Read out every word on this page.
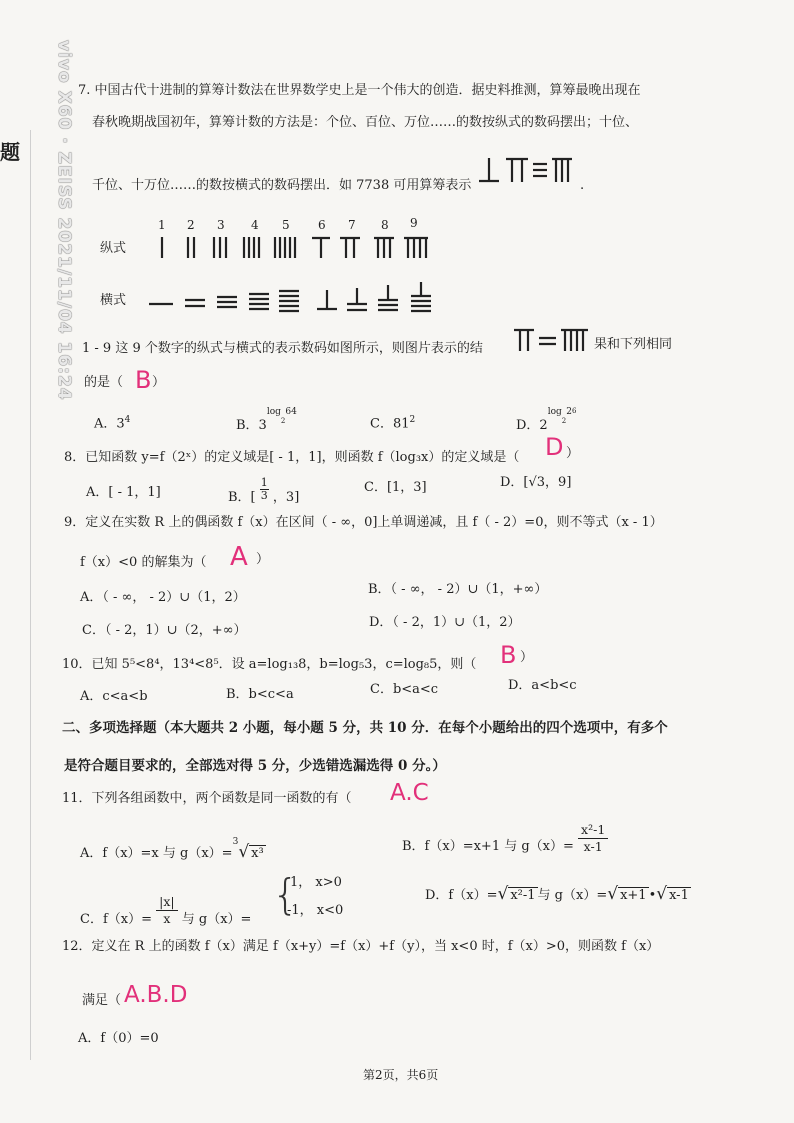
vivo X60 · ZEISS 2021/11/04 16:24
题
7. 中国古代十进制的算筹计数法在世界数学史上是一个伟大的创造．据史料推测，算筹最晚出现在
春秋晚期战国初年，算筹计数的方法是：个位、百位、万位……的数按纵式的数码摆出；十位、
千位、十万位……的数按横式的数码摆出．如 7738 可用算筹表示	.
1 2 3 4 5 6 7 8 9
纵式
横式
1 - 9 这 9 个数字的纵式与横式的表示数码如图所示，则图片表示的结	果和下列相同
的是（ B ）
A．$3^4$	B．$3^{log}_2^{64}$
C．$81^2$	D．$2^{log}_2^{26}$
8．已知函数 y=f（2ˣ）的定义域是[ - 1，1]，则函数 f（log₃x）的定义域是（ D ）
A．[ - 1，1]	B．[ $\frac{1}{3}$ ，3]
C．[1，3]	D．[√3，9]
9．定义在实数 R 上的偶函数 f（x）在区间（ - ∞，0]上单调递减，且 f（ - 2）=0，则不等式（x - 1）
f（x）<0 的解集为（ A ）
A．（ - ∞， - 2）∪（1，2）
B．（ - ∞， - 2）∪（1，+∞）
C．（ - 2，1）∪（2，+∞）
D．（ - 2，1）∪（1，2）
10．已知 5⁵<8⁴，13⁴<8⁵．设 a=log₁₃8，b=log₅3，c=log₈5，则（ B ）
A．c<a<b	B．b<c<a	C．b<a<c	D．a<b<c
二、多项选择题（本大题共 2 小题，每小题 5 分，共 10 分．在每个小题给出的四个选项中，有多个
是符合题目要求的，全部选对得 5 分，少选错选漏选得 0 分。）
11．下列各组函数中，两个函数是同一函数的有（ A.C
A．f（x）=x 与 g（x）=$^3$√ x³	B．f（x）=x+1 与 $g(x)= \frac{\text{x²-1}}{x-1}$
C．$f(x)= \frac{|x|}{x}$ 与 g（x）=
{
1， x>0
-1， x<0
D．f（x）=√ x²-1 与 g（x）=√ x+1 •√ x-1
12．定义在 R 上的函数 f（x）满足 f（x+y）=f（x）+f（y），当 x<0 时，f（x）>0，则函数 f（x）
满足（ A.B.D
A．f（0）=0
第2页，共6页
